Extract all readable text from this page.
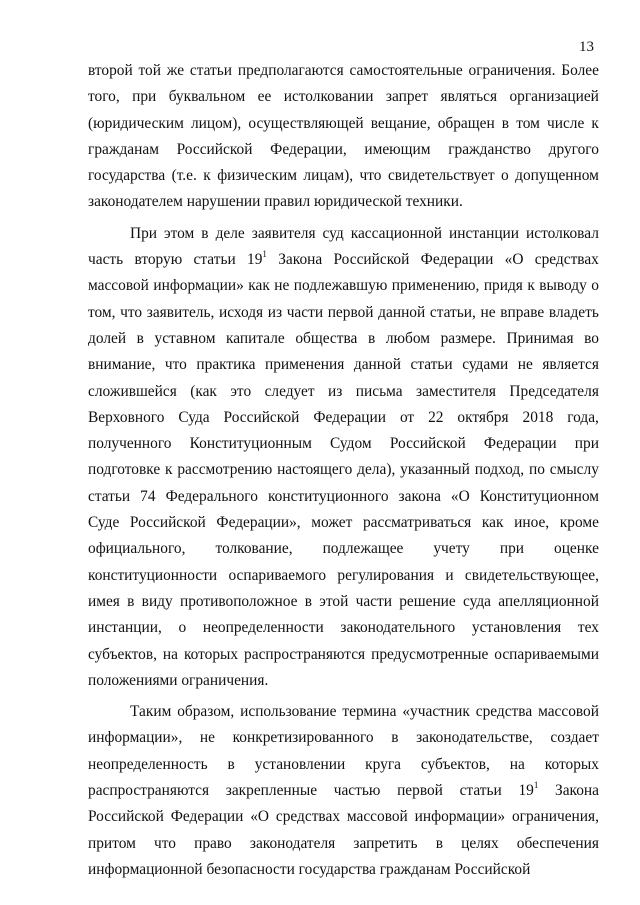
13
второй той же статьи предполагаются самостоятельные ограничения. Более
того, при буквальном ее истолковании запрет являться организацией
(юридическим лицом), осуществляющей вещание, обращен в том числе к
гражданам Российской Федерации, имеющим гражданство другого
государства (т.е. к физическим лицам), что свидетельствует о допущенном
законодателем нарушении правил юридической техники.
При этом в деле заявителя суд кассационной инстанции истолковал
часть вторую статьи $19^1$ Закона Российской Федерации «О средствах
массовой информации» как не подлежавшую применению, придя к выводу о
том, что заявитель, исходя из части первой данной статьи, не вправе владеть
долей в уставном капитале общества в любом размере. Принимая во
внимание, что практика применения данной статьи судами не является
сложившейся (как это следует из письма заместителя Председателя
Верховного Суда Российской Федерации от 22 октября 2018 года,
полученного Конституционным Судом Российской Федерации при
подготовке к рассмотрению настоящего дела), указанный подход, по смыслу
статьи 74 Федерального конституционного закона «О Конституционном
Суде Российской Федерации», может рассматриваться как иное, кроме
официального, толкование, подлежащее учету при оценке
конституционности оспариваемого регулирования и свидетельствующее,
имея в виду противоположное в этой части решение суда апелляционной
инстанции, о неопределенности законодательного установления тех
субъектов, на которых распространяются предусмотренные оспариваемыми
положениями ограничения.
Таким образом, использование термина «участник средства массовой
информации», не конкретизированного в законодательстве, создает
неопределенность в установлении круга субъектов, на которых
распространяются закрепленные частью первой статьи $19^1$ Закона
Российской Федерации «О средствах массовой информации» ограничения,
притом что право законодателя запретить в целях обеспечения
информационной безопасности государства гражданам Российской
